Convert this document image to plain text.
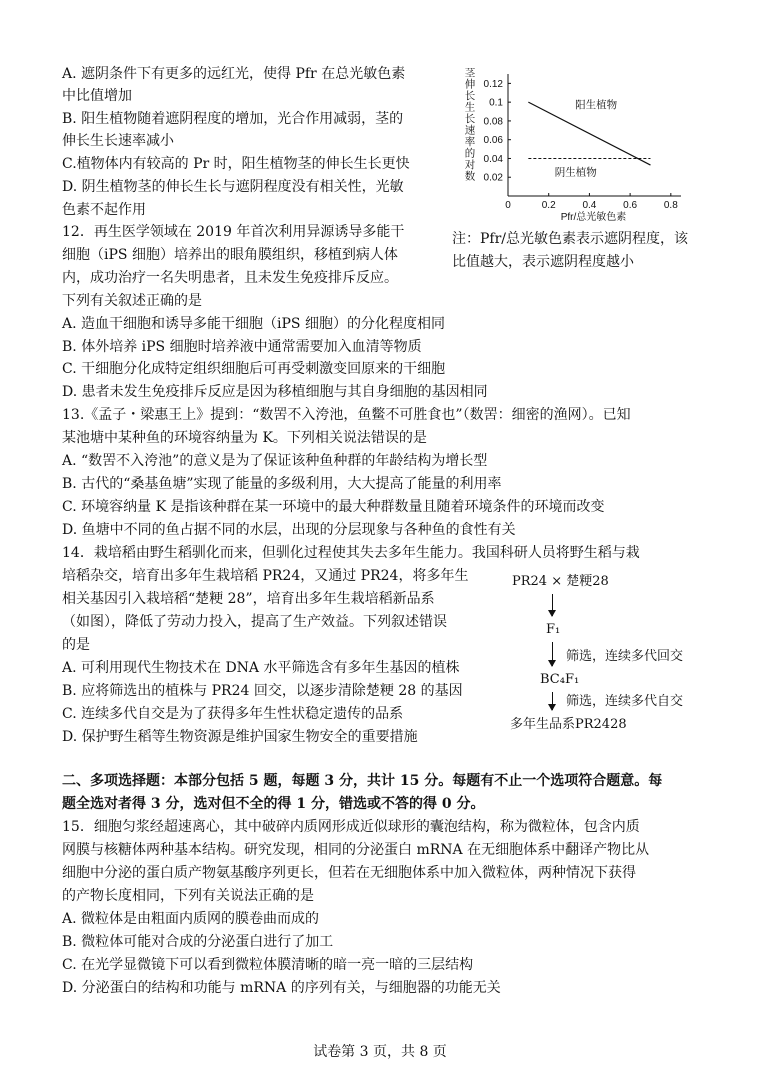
A. 遮阴条件下有更多的远红光，使得 Pfr 在总光敏色素
中比值增加
B. 阳生植物随着遮阴程度的增加，光合作用减弱，茎的
伸长生长速率减小
C.植物体内有较高的 Pr 时，阳生植物茎的伸长生长更快
D. 阴生植物茎的伸长生长与遮阴程度没有相关性，光敏
色素不起作用
茎
伸
长
生
长
速
率
的
对
数 0.02
0.04
0.06
0.08
0.1
0.12
0	0.2	0.4	0.6	0.8
阳生植物
阴生植物
Pfr/总光敏色素
注：Pfr/总光敏色素表示遮阴程度，该
比值越大，表示遮阴程度越小
12．再生医学领域在 2019 年首次利用异源诱导多能干
细胞（iPS 细胞）培养出的眼角膜组织，移植到病人体
内，成功治疗一名失明患者，且未发生免疫排斥反应。
下列有关叙述正确的是
A. 造血干细胞和诱导多能干细胞（iPS 细胞）的分化程度相同
B. 体外培养 iPS 细胞时培养液中通常需要加入血清等物质
C. 干细胞分化成特定组织细胞后可再受刺激变回原来的干细胞
D. 患者未发生免疫排斥反应是因为移植细胞与其自身细胞的基因相同
13.《孟子・梁惠王上》提到：“数罟不入洿池，鱼鳖不可胜食也”（数罟：细密的渔网）。已知
某池塘中某种鱼的环境容纳量为 K。下列相关说法错误的是
A. “数罟不入洿池”的意义是为了保证该种鱼种群的年龄结构为增长型
B. 古代的“桑基鱼塘”实现了能量的多级利用，大大提高了能量的利用率
C. 环境容纳量 K 是指该种群在某一环境中的最大种群数量且随着环境条件的环境而改变
D. 鱼塘中不同的鱼占据不同的水层，出现的分层现象与各种鱼的食性有关
14．栽培稻由野生稻驯化而来，但驯化过程使其失去多年生能力。我国科研人员将野生稻与栽
培稻杂交，培育出多年生栽培稻 PR24，又通过 PR24，将多年生
相关基因引入栽培稻“楚粳 28”，培育出多年生栽培稻新品系
（如图），降低了劳动力投入，提高了生产效益。下列叙述错误
的是
A. 可利用现代生物技术在 DNA 水平筛选含有多年生基因的植株
B. 应将筛选出的植株与 PR24 回交，以逐步清除楚粳 28 的基因
C. 连续多代自交是为了获得多年生性状稳定遗传的品系
D. 保护野生稻等生物资源是维护国家生物安全的重要措施
PR24 × 楚粳28
F₁
筛选，连续多代回交
BC₄F₁
筛选，连续多代自交
多年生品系PR2428
二、多项选择题：本部分包括 5 题，每题 3 分，共计 15 分。每题有不止一个选项符合题意。每
题全选对者得 3 分，选对但不全的得 1 分，错选或不答的得 0 分。
15．细胞匀浆经超速离心，其中破碎内质网形成近似球形的囊泡结构，称为微粒体，包含内质
网膜与核糖体两种基本结构。研究发现，相同的分泌蛋白 mRNA 在无细胞体系中翻译产物比从
细胞中分泌的蛋白质产物氨基酸序列更长，但若在无细胞体系中加入微粒体，两种情况下获得
的产物长度相同，下列有关说法正确的是
A. 微粒体是由粗面内质网的膜卷曲而成的
B. 微粒体可能对合成的分泌蛋白进行了加工
C. 在光学显微镜下可以看到微粒体膜清晰的暗一亮一暗的三层结构
D. 分泌蛋白的结构和功能与 mRNA 的序列有关，与细胞器的功能无关
试卷第 3 页，共 8 页
